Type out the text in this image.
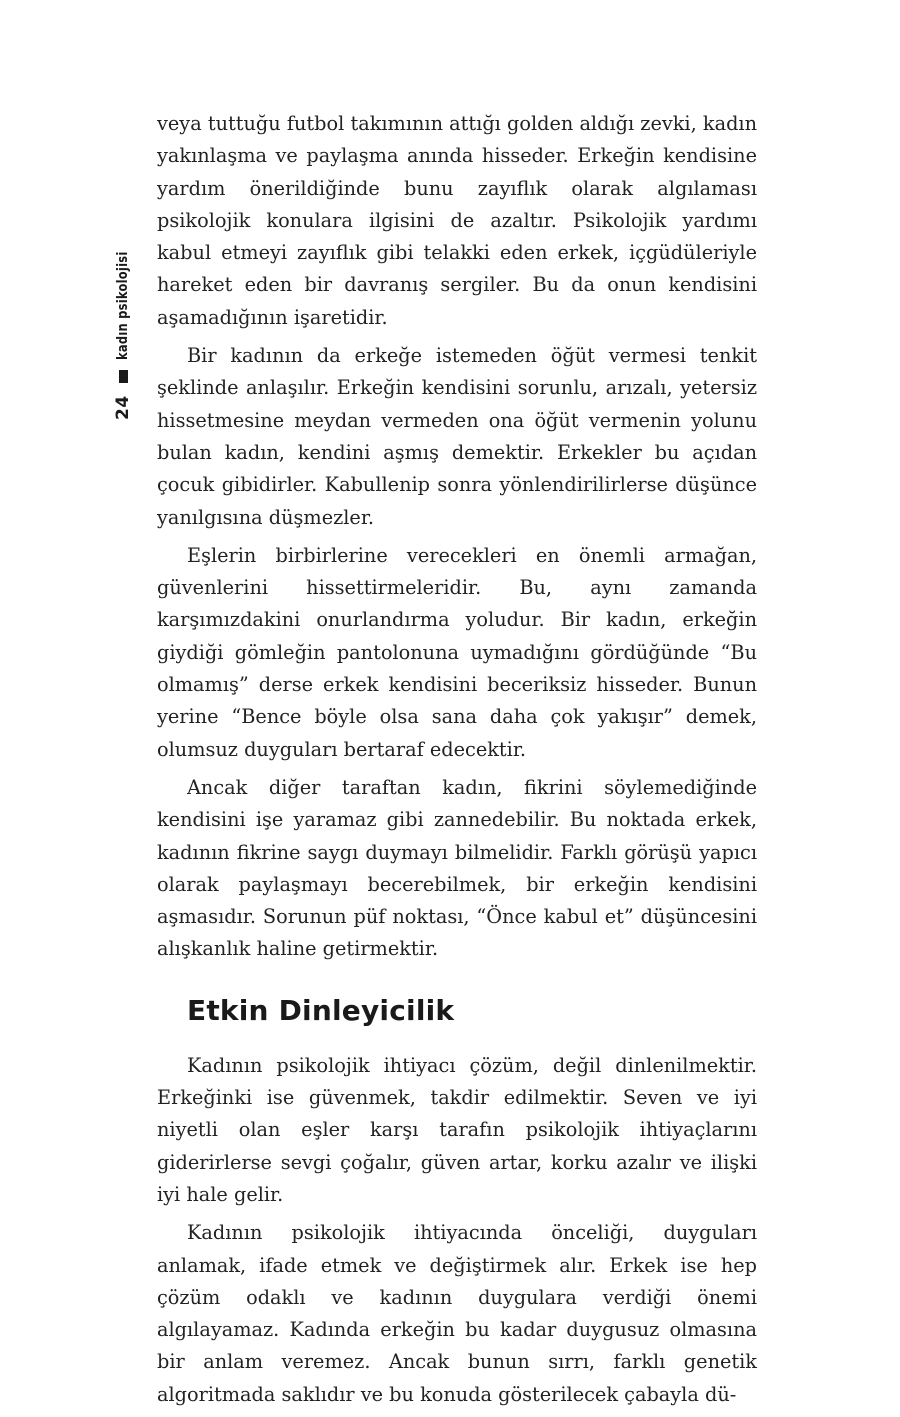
24
kadın psikolojisi

veya tuttuğu futbol takımının attığı golden aldığı zevki, kadın yakınlaşma ve paylaşma anında hisseder. Erkeğin kendisine yardım önerildiğinde bunu zayıflık olarak algılaması psikolojik konulara ilgisini de azaltır. Psikolojik yardımı kabul etmeyi zayıflık gibi telakki eden erkek, içgüdüleriyle hareket eden bir davranış sergiler. Bu da onun kendisini aşamadığının işaretidir.

Bir kadının da erkeğe istemeden öğüt vermesi tenkit şeklinde anlaşılır. Erkeğin kendisini sorunlu, arızalı, yetersiz hissetmesine meydan vermeden ona öğüt vermenin yolunu bulan kadın, kendini aşmış demektir. Erkekler bu açıdan çocuk gibidirler. Kabullenip sonra yönlendirilirlerse düşünce yanılgısına düşmezler.

Eşlerin birbirlerine verecekleri en önemli armağan, güvenlerini hissettirmeleridir. Bu, aynı zamanda karşımızdakini onurlandırma yoludur. Bir kadın, erkeğin giydiği gömleğin pantolonuna uymadığını gördüğünde “Bu olmamış” derse erkek kendisini beceriksiz hisseder. Bunun yerine “Bence böyle olsa sana daha çok yakışır” demek, olumsuz duyguları bertaraf edecektir.

Ancak diğer taraftan kadın, fikrini söylemediğinde kendisini işe yaramaz gibi zannedebilir. Bu noktada erkek, kadının fikrine saygı duymayı bilmelidir. Farklı görüşü yapıcı olarak paylaşmayı becerebilmek, bir erkeğin kendisini aşmasıdır. Sorunun püf noktası, “Önce kabul et” düşüncesini alışkanlık haline getirmektir.

Etkin Dinleyicilik

Kadının psikolojik ihtiyacı çözüm, değil dinlenilmektir. Erkeğinki ise güvenmek, takdir edilmektir. Seven ve iyi niyetli olan eşler karşı tarafın psikolojik ihtiyaçlarını giderirlerse sevgi çoğalır, güven artar, korku azalır ve ilişki iyi hale gelir.

Kadının psikolojik ihtiyacında önceliği, duyguları anlamak, ifade etmek ve değiştirmek alır. Erkek ise hep çözüm odaklı ve kadının duygulara verdiği önemi algılayamaz. Kadında erkeğin bu kadar duygusuz olmasına bir anlam veremez. Ancak bunun sırrı, farklı genetik algoritmada saklıdır ve bu konuda gösterilecek çabayla dü-
